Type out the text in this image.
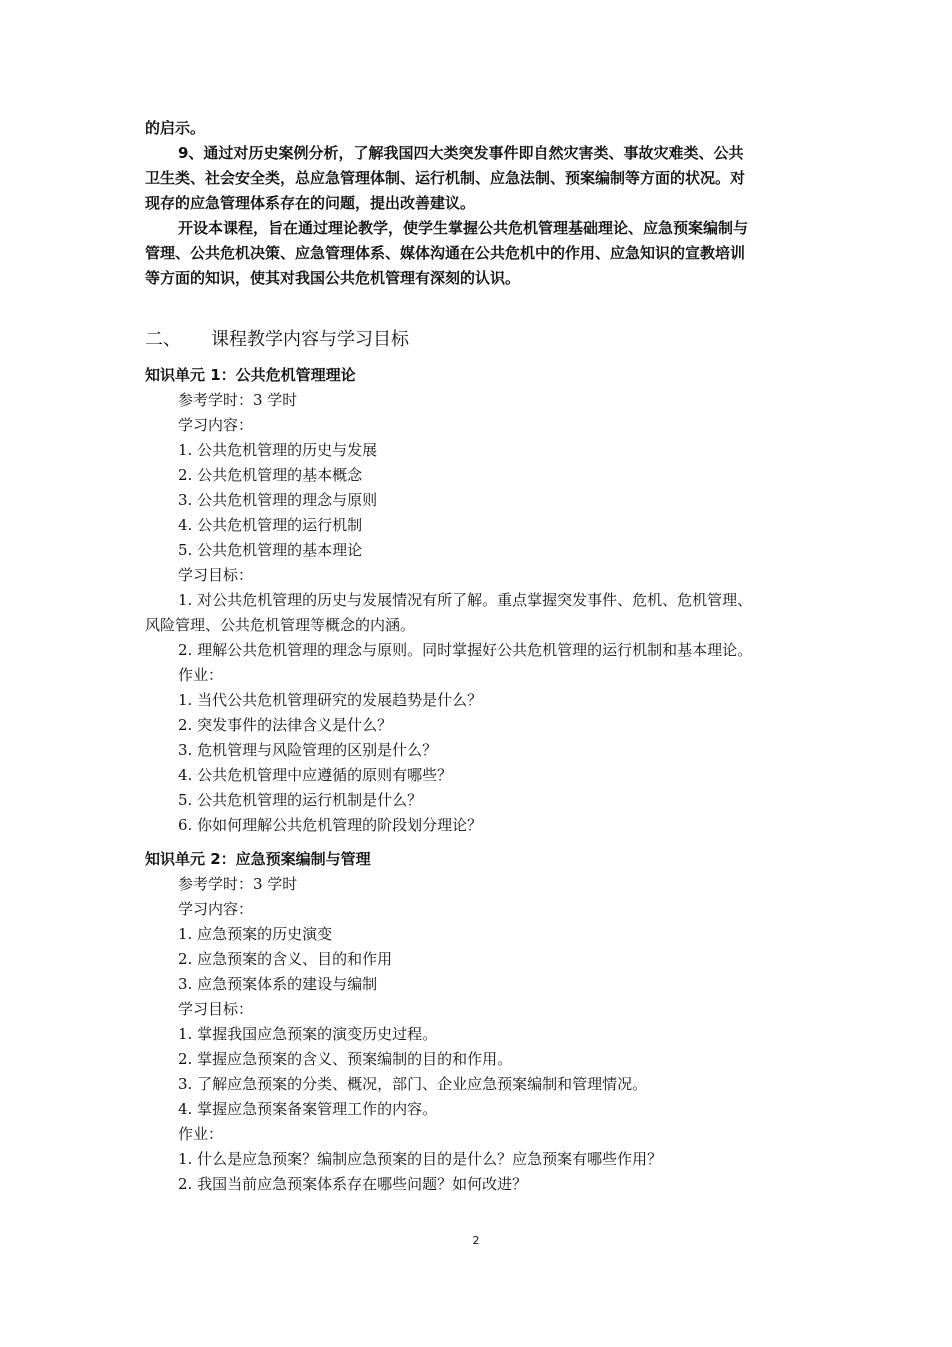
的启示。
9、通过对历史案例分析，了解我国四大类突发事件即自然灾害类、事故灾难类、公共
卫生类、社会安全类，总应急管理体制、运行机制、应急法制、预案编制等方面的状况。对
现存的应急管理体系存在的问题，提出改善建议。
开设本课程，旨在通过理论教学，使学生掌握公共危机管理基础理论、应急预案编制与
管理、公共危机决策、应急管理体系、媒体沟通在公共危机中的作用、应急知识的宣教培训
等方面的知识，使其对我国公共危机管理有深刻的认识。
二、 课程教学内容与学习目标
知识单元 1：公共危机管理理论
参考学时：3 学时
学习内容：
1. 公共危机管理的历史与发展
2. 公共危机管理的基本概念
3. 公共危机管理的理念与原则
4. 公共危机管理的运行机制
5. 公共危机管理的基本理论
学习目标：
1. 对公共危机管理的历史与发展情况有所了解。重点掌握突发事件、危机、危机管理、
风险管理、公共危机管理等概念的内涵。
2. 理解公共危机管理的理念与原则。同时掌握好公共危机管理的运行机制和基本理论。
作业：
1. 当代公共危机管理研究的发展趋势是什么？
2. 突发事件的法律含义是什么？
3. 危机管理与风险管理的区别是什么？
4. 公共危机管理中应遵循的原则有哪些？
5. 公共危机管理的运行机制是什么？
6. 你如何理解公共危机管理的阶段划分理论？
知识单元 2：应急预案编制与管理
参考学时：3 学时
学习内容：
1. 应急预案的历史演变
2. 应急预案的含义、目的和作用
3. 应急预案体系的建设与编制
学习目标：
1. 掌握我国应急预案的演变历史过程。
2. 掌握应急预案的含义、预案编制的目的和作用。
3. 了解应急预案的分类、概况，部门、企业应急预案编制和管理情况。
4. 掌握应急预案备案管理工作的内容。
作业：
1. 什么是应急预案？编制应急预案的目的是什么？应急预案有哪些作用？
2. 我国当前应急预案体系存在哪些问题？如何改进？
2
